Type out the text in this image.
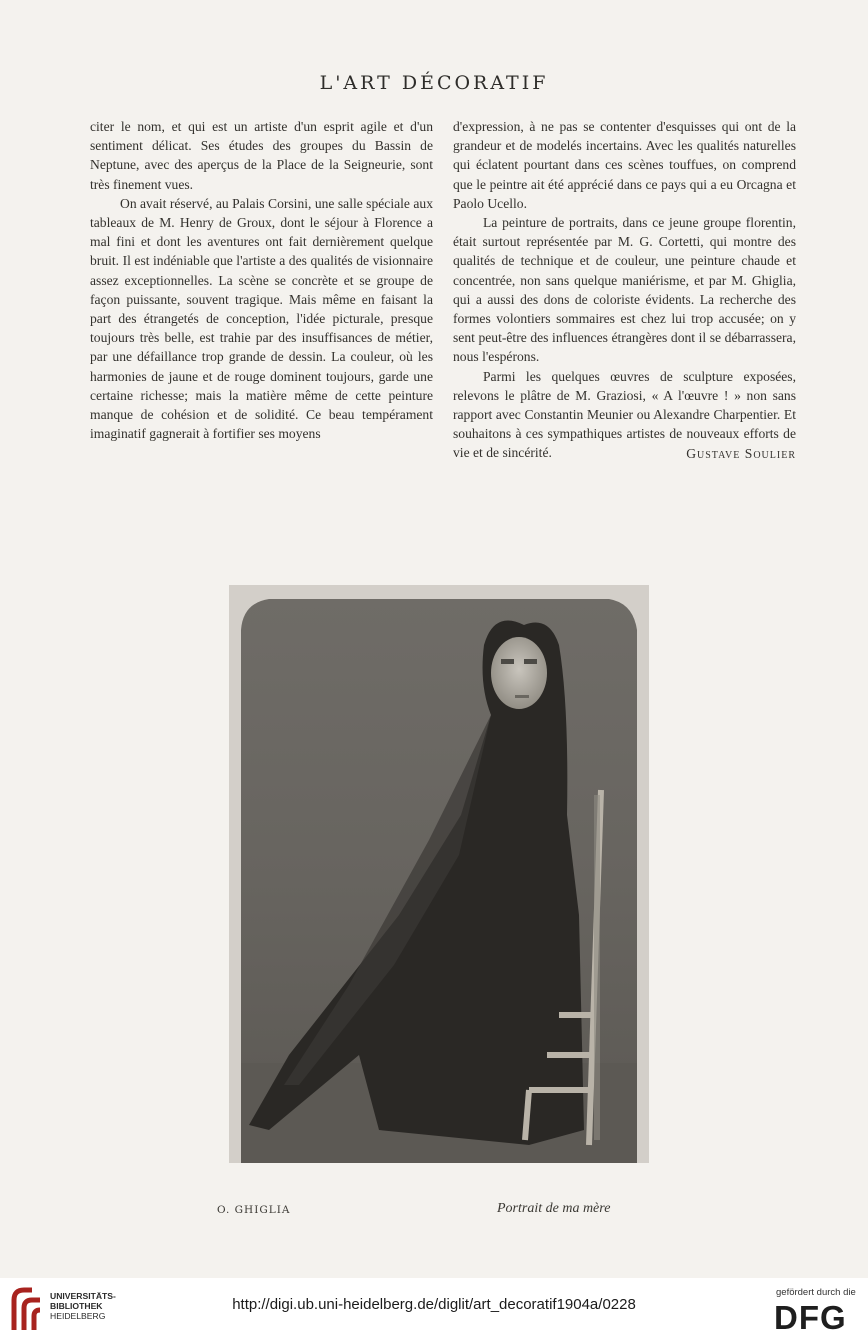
L'ART DÉCORATIF

citer le nom, et qui est un artiste d'un esprit agile et d'un sentiment délicat. Ses études des groupes du Bassin de Neptune, avec des aperçus de la Place de la Seigneurie, sont très finement vues.

On avait réservé, au Palais Corsini, une salle spéciale aux tableaux de M. Henry de Groux, dont le séjour à Florence a mal fini et dont les aventures ont fait dernièrement quelque bruit. Il est indéniable que l'artiste a des qualités de visionnaire assez exceptionnelles. La scène se concrète et se groupe de façon puissante, souvent tragique. Mais même en faisant la part des étrangetés de conception, l'idée picturale, presque toujours très belle, est trahie par des insuffisances de métier, par une défaillance trop grande de dessin. La couleur, où les harmonies de jaune et de rouge dominent toujours, garde une certaine richesse; mais la matière même de cette peinture manque de cohésion et de solidité. Ce beau tempérament imaginatif gagnerait à fortifier ses moyens

d'expression, à ne pas se contenter d'esquisses qui ont de la grandeur et de modelés incertains. Avec les qualités naturelles qui éclatent pourtant dans ces scènes touffues, on comprend que le peintre ait été apprécié dans ce pays qui a eu Orcagna et Paolo Ucello.

La peinture de portraits, dans ce jeune groupe florentin, était surtout représentée par M. G. Cortetti, qui montre des qualités de technique et de couleur, une peinture chaude et concentrée, non sans quelque maniérisme, et par M. Ghiglia, qui a aussi des dons de coloriste évidents. La recherche des formes volontiers sommaires est chez lui trop accusée; on y sent peut-être des influences étrangères dont il se débarrassera, nous l'espérons.

Parmi les quelques œuvres de sculpture exposées, relevons le plâtre de M. Graziosi, « A l'œuvre ! » non sans rapport avec Constantin Meunier ou Alexandre Charpentier. Et souhaitons à ces sympathiques artistes de nouveaux efforts de vie et de sincérité.	Gustave Soulier
O. GHIGLIA	Portrait de ma mère
UNIVERSITÄTS-
BIBLIOTHEK
HEIDELBERG
http://digi.ub.uni-heidelberg.de/diglit/art_decoratif1904a/0228
gefördert durch die
DFG
